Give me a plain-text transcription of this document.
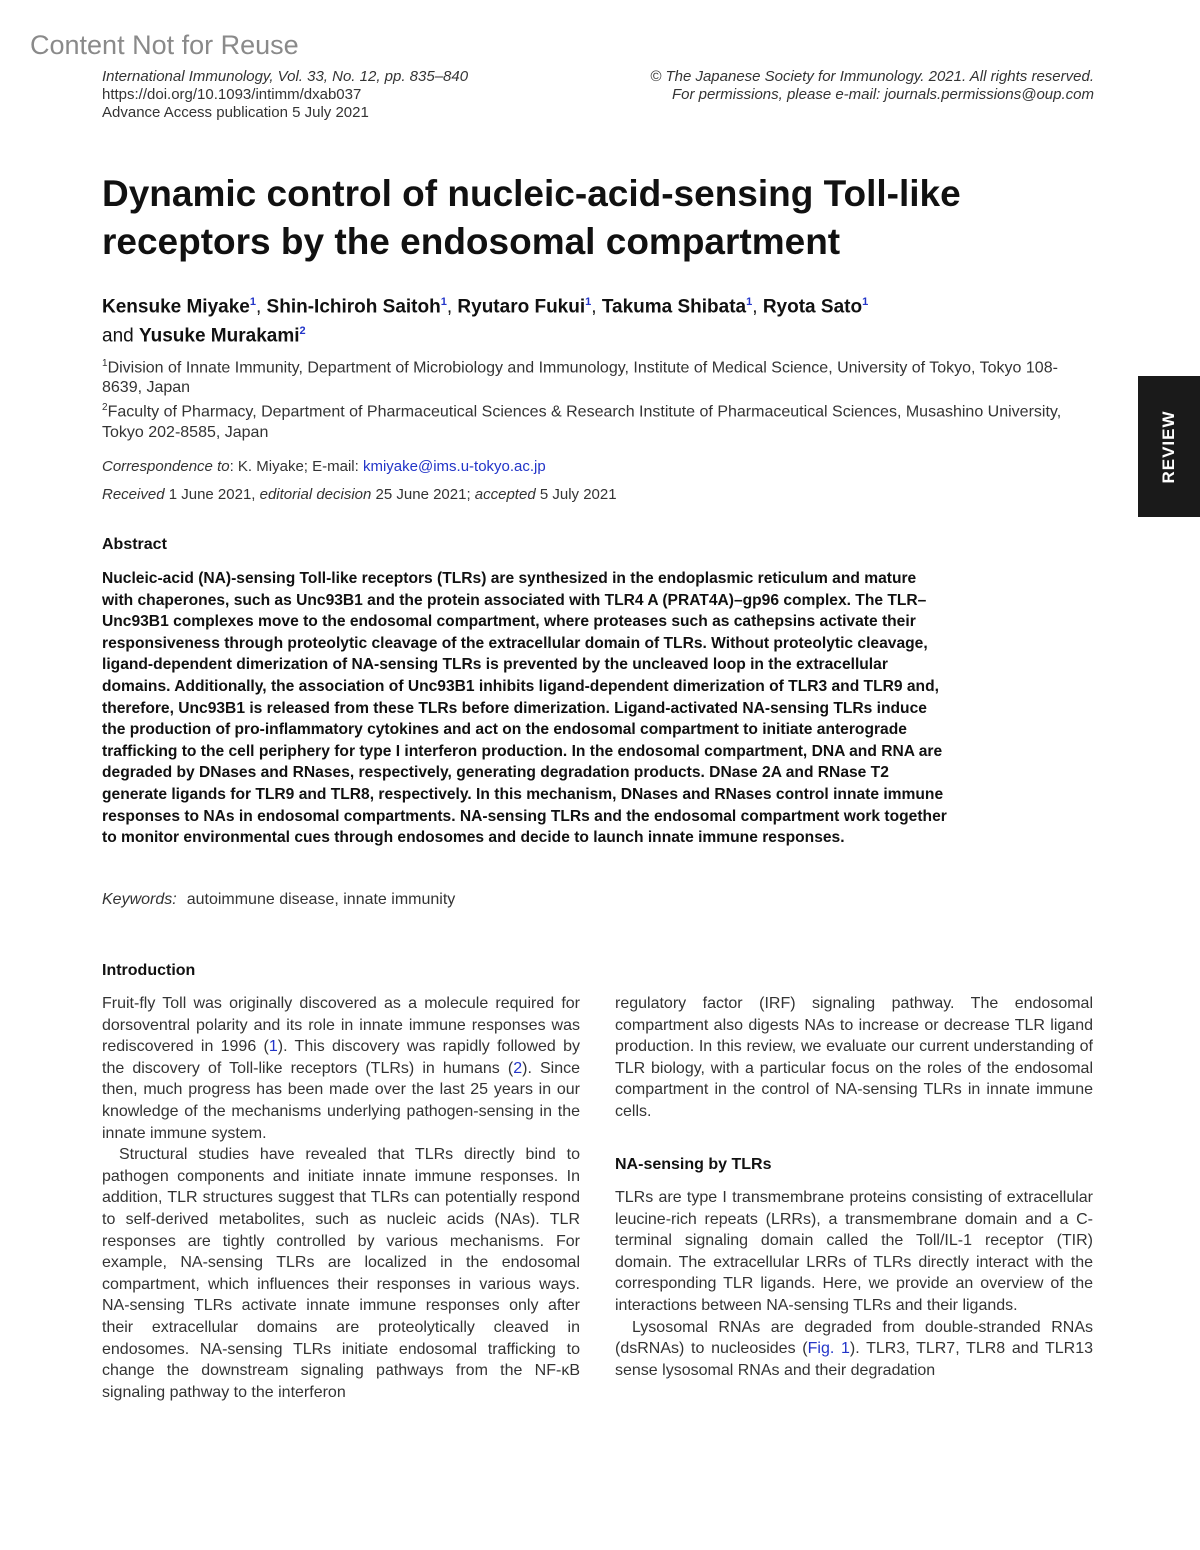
Content Not for Reuse
International Immunology, Vol. 33, No. 12, pp. 835–840
https://doi.org/10.1093/intimm/dxab037
Advance Access publication 5 July 2021
© The Japanese Society for Immunology. 2021. All rights reserved.
For permissions, please e-mail: journals.permissions@oup.com
REVIEW
Dynamic control of nucleic-acid-sensing Toll-like receptors by the endosomal compartment
Kensuke Miyake$^1$, Shin-Ichiroh Saitoh$^1$, Ryutaro Fukui$^1$, Takuma Shibata$^1$, Ryota Sato$^1$
and Yusuke Murakami$^2$

$^1$Division of Innate Immunity, Department of Microbiology and Immunology, Institute of Medical Science, University of Tokyo, Tokyo 108-8639, Japan

$^2$Faculty of Pharmacy, Department of Pharmaceutical Sciences & Research Institute of Pharmaceutical Sciences, Musashino University, Tokyo 202-8585, Japan

Correspondence to: K. Miyake; E-mail: kmiyake@ims.u-tokyo.ac.jp
Received 1 June 2021, editorial decision 25 June 2021; accepted 5 July 2021
Abstract
Nucleic-acid (NA)-sensing Toll-like receptors (TLRs) are synthesized in the endoplasmic reticulum and mature with chaperones, such as Unc93B1 and the protein associated with TLR4 A (PRAT4A)–gp96 complex. The TLR–Unc93B1 complexes move to the endosomal compartment, where proteases such as cathepsins activate their responsiveness through proteolytic cleavage of the extracellular domain of TLRs. Without proteolytic cleavage, ligand-dependent dimerization of NA-sensing TLRs is prevented by the uncleaved loop in the extracellular domains. Additionally, the association of Unc93B1 inhibits ligand-dependent dimerization of TLR3 and TLR9 and, therefore, Unc93B1 is released from these TLRs before dimerization. Ligand-activated NA-sensing TLRs induce the production of pro-inflammatory cytokines and act on the endosomal compartment to initiate anterograde trafficking to the cell periphery for type I interferon production. In the endosomal compartment, DNA and RNA are degraded by DNases and RNases, respectively, generating degradation products. DNase 2A and RNase T2 generate ligands for TLR9 and TLR8, respectively. In this mechanism, DNases and RNases control innate immune responses to NAs in endosomal compartments. NA-sensing TLRs and the endosomal compartment work together to monitor environmental cues through endosomes and decide to launch innate immune responses.
Keywords: autoimmune disease, innate immunity
Introduction

Fruit-fly Toll was originally discovered as a molecule required for dorsoventral polarity and its role in innate immune responses was rediscovered in 1996 (1). This discovery was rapidly followed by the discovery of Toll-like receptors (TLRs) in humans (2). Since then, much progress has been made over the last 25 years in our knowledge of the mechanisms underlying pathogen-sensing in the innate immune system.

Structural studies have revealed that TLRs directly bind to pathogen components and initiate innate immune responses. In addition, TLR structures suggest that TLRs can potentially respond to self-derived metabolites, such as nucleic acids (NAs). TLR responses are tightly controlled by various mechanisms. For example, NA-sensing TLRs are localized in the endosomal compartment, which influences their responses in various ways. NA-sensing TLRs activate innate immune responses only after their extracellular domains are proteolytically cleaved in endosomes. NA-sensing TLRs initiate endosomal trafficking to change the downstream signaling pathways from the NF-κB signaling pathway to the interferon

regulatory factor (IRF) signaling pathway. The endosomal compartment also digests NAs to increase or decrease TLR ligand production. In this review, we evaluate our current understanding of TLR biology, with a particular focus on the roles of the endosomal compartment in the control of NA-sensing TLRs in innate immune cells.

NA-sensing by TLRs

TLRs are type I transmembrane proteins consisting of extracellular leucine-rich repeats (LRRs), a transmembrane domain and a C-terminal signaling domain called the Toll/IL-1 receptor (TIR) domain. The extracellular LRRs of TLRs directly interact with the corresponding TLR ligands. Here, we provide an overview of the interactions between NA-sensing TLRs and their ligands.

Lysosomal RNAs are degraded from double-stranded RNAs (dsRNAs) to nucleosides (Fig. 1). TLR3, TLR7, TLR8 and TLR13 sense lysosomal RNAs and their degradation
